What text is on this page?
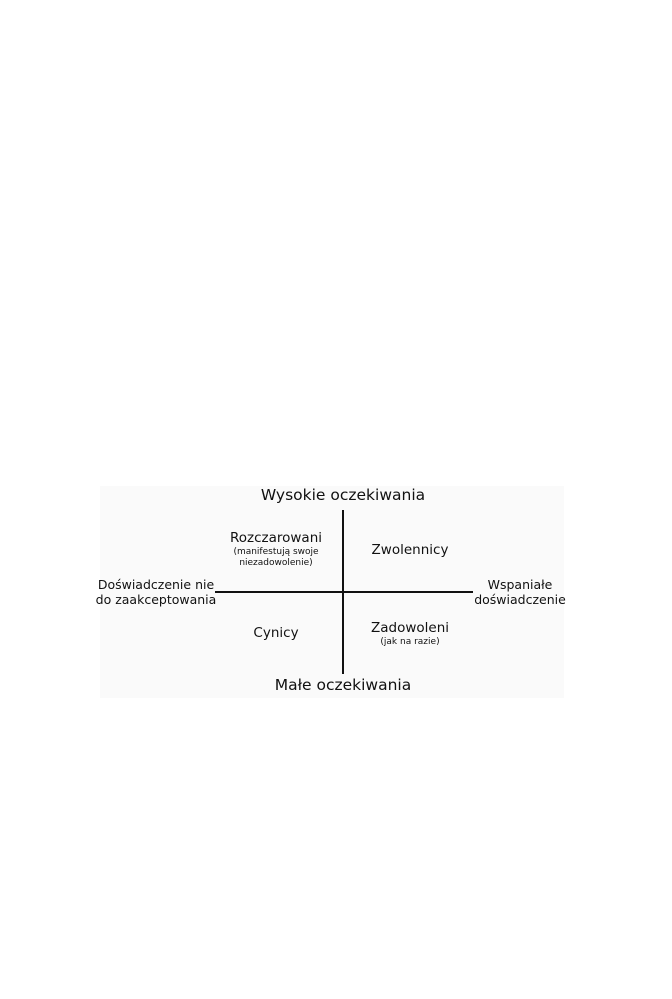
Wysokie oczekiwania
Małe oczekiwania
Doświadczenie nie
do zaakceptowania
Wspaniałe
doświadczenie
Rozczarowani
(manifestują swoje
niezadowolenie)
Zwolennicy
Cynicy	Zadowoleni
(jak na razie)
